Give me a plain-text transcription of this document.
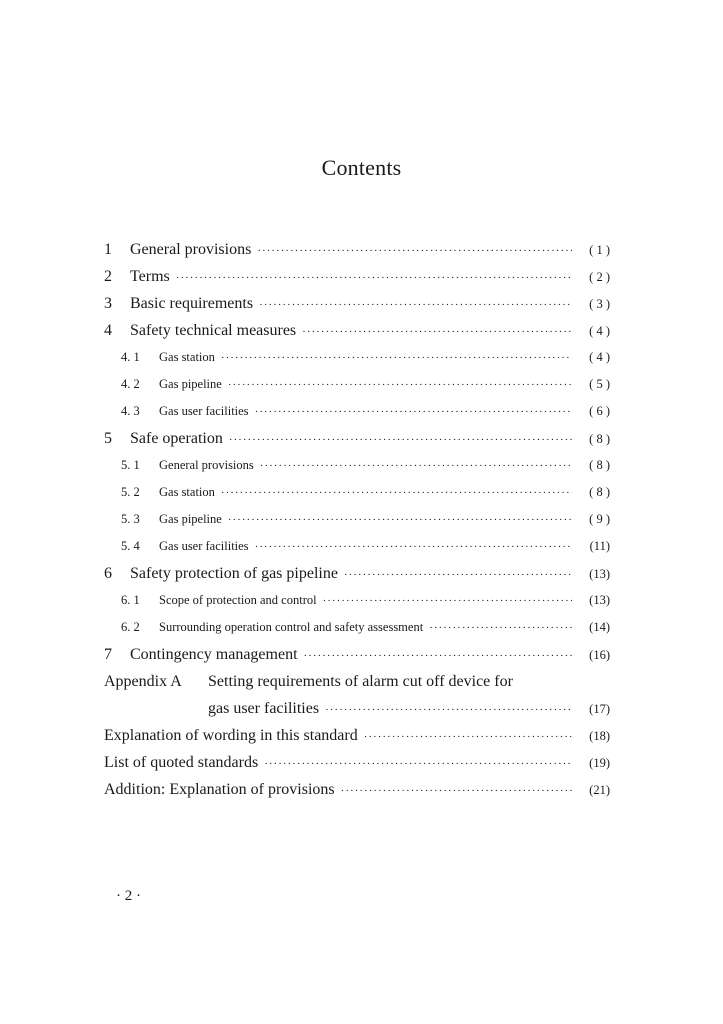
Contents
1	General provisions ·····	( 1 )
2	Terms ·····	( 2 )
3	Basic requirements ·····	( 3 )
4	Safety technical measures ·····	( 4 )
4. 1	Gas station ·····	( 4 )
4. 2	Gas pipeline ·····	( 5 )
4. 3	Gas user facilities ·····	( 6 )
5	Safe operation ·····	( 8 )
5. 1	General provisions ·····	( 8 )
5. 2	Gas station ·····	( 8 )
5. 3	Gas pipeline ·····	( 9 )
5. 4	Gas user facilities ·····	(11)
6	Safety protection of gas pipeline ·····	(13)
6. 1	Scope of protection and control ·····	(13)
6. 2	Surrounding operation control and safety assessment ·····	(14)
7	Contingency management ·····	(16)
Appendix A	Setting requirements of alarm cut off device for
gas user facilities ·····	(17)
Explanation of wording in this standard ·····	(18)
List of quoted standards ·····	(19)
Addition: Explanation of provisions ·····	(21)
· 2 ·
